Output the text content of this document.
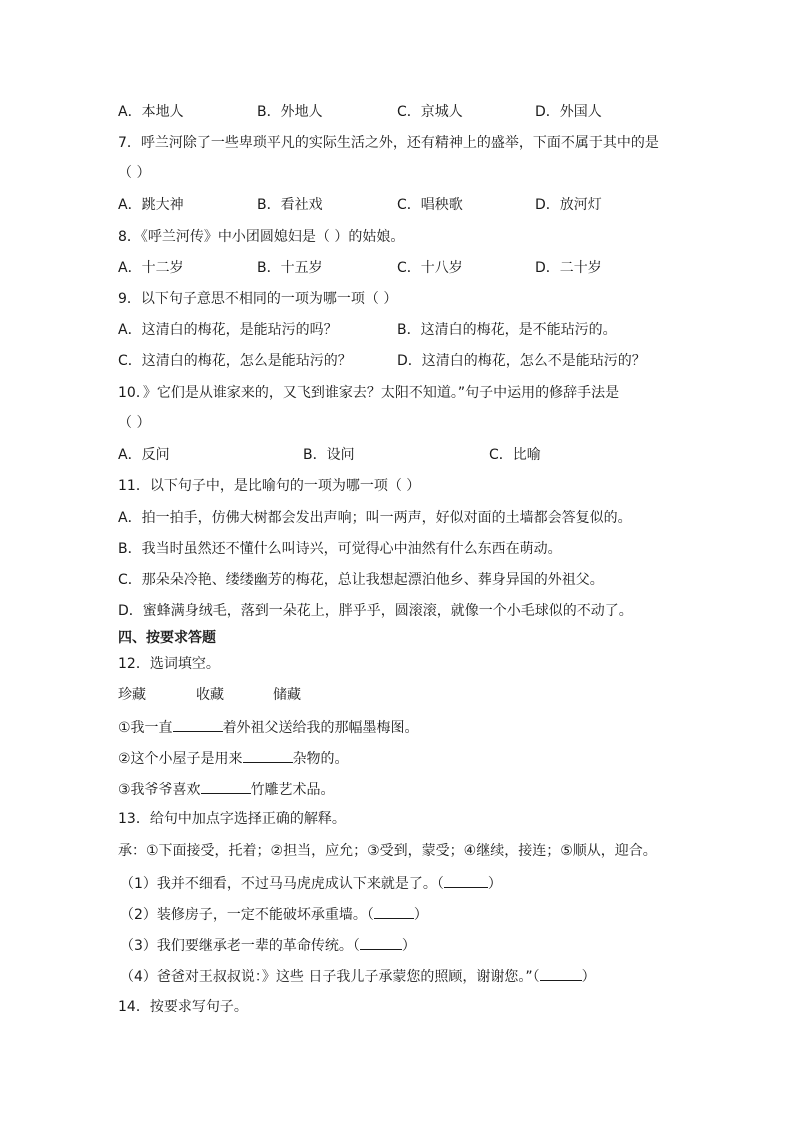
A．本地人	B．外地人	C．京城人	D．外国人
7．呼兰河除了一些卑琐平凡的实际生活之外，还有精神上的盛举，下面不属于其中的是
（ ）
A．跳大神	B．看社戏	C．唱秧歌	D．放河灯
8．《呼兰河传》中小团圆媳妇是（ ）的姑娘。
A．十二岁	B．十五岁	C．十八岁	D．二十岁
9．以下句子意思不相同的一项为哪一项（ ）
A．这清白的梅花，是能玷污的吗？	B．这清白的梅花，是不能玷污的。
C．这清白的梅花，怎么是能玷污的？	D．这清白的梅花，怎么不是能玷污的？
10．》它们是从谁家来的，又飞到谁家去？太阳不知道。”句子中运用的修辞手法是
（ ）
A．反问	B．设问	C．比喻
11．以下句子中，是比喻句的一项为哪一项（ ）
A．拍一拍手，仿佛大树都会发出声响；叫一两声，好似对面的土墙都会答复似的。
B．我当时虽然还不懂什么叫诗兴，可觉得心中油然有什么东西在萌动。
C．那朵朵冷艳、缕缕幽芳的梅花，总让我想起漂泊他乡、葬身异国的外祖父。
D．蜜蜂满身绒毛，落到一朵花上，胖乎乎，圆滚滚，就像一个小毛球似的不动了。
四、按要求答题
12．选词填空。
珍藏	收藏	储藏
①我一直	着外祖父送给我的那幅墨梅图。
②这个小屋子是用来	杂物的。
③我爷爷喜欢	竹雕艺术品。
13．给句中加点字选择正确的解释。
承：①下面接受，托着；②担当，应允；③受到，蒙受；④继续，接连；⑤顺从，迎合。
（1）我并不细看，不过马马虎虎成认下来就是了。（	）
（2）装修房子，一定不能破坏承重墙。（	）
（3）我们要继承老一辈的革命传统。（	）
（4）爸爸对王叔叔说：》这些 日子我儿子承蒙您的照顾，谢谢您。”（	）
14．按要求写句子。
